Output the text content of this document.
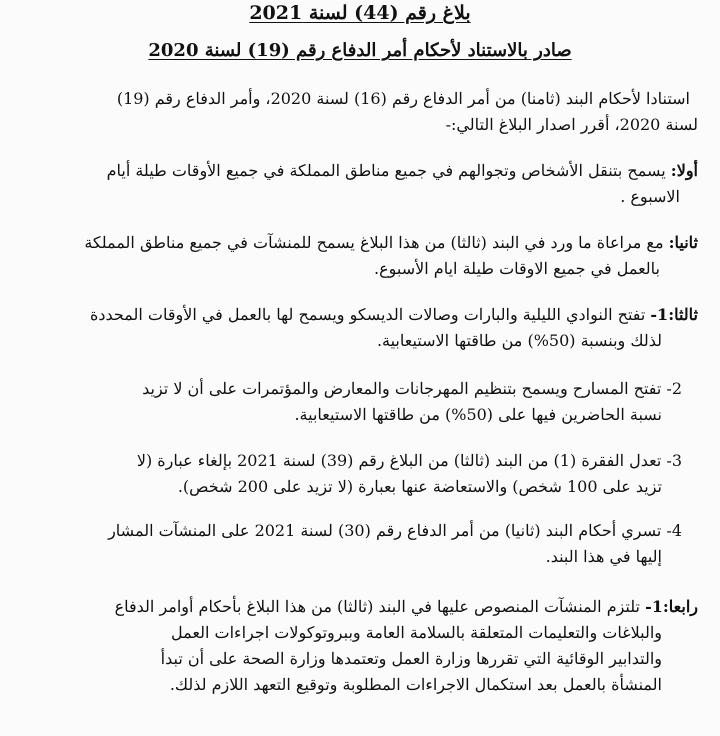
بلاغ رقم (44) لسنة 2021
صادر بالاستناد لأحكام أمر الدفاع رقم (19) لسنة 2020
استنادا لأحكام البند (ثامنا) من أمر الدفاع رقم (16) لسنة 2020، وأمر الدفاع رقم (19)
لسنة 2020، أقرر اصدار البلاغ التالي:-
أولا: يسمح بتنقل الأشخاص وتجوالهم في جميع مناطق المملكة في جميع الأوقات طيلة أيام
الاسبوع .
ثانيا: مع مراعاة ما ورد في البند (ثالثا) من هذا البلاغ يسمح للمنشآت في جميع مناطق المملكة
بالعمل في جميع الاوقات طيلة ايام الأسبوع.
ثالثا:1- تفتح النوادي الليلية والبارات وصالات الديسكو ويسمح لها بالعمل في الأوقات المحددة
لذلك وبنسبة (50%) من طاقتها الاستيعابية.
2- تفتح المسارح ويسمح بتنظيم المهرجانات والمعارض والمؤتمرات على أن لا تزيد
نسبة الحاضرين فيها على (50%) من طاقتها الاستيعابية.
3- تعدل الفقرة (1) من البند (ثالثا) من البلاغ رقم (39) لسنة 2021 بإلغاء عبارة (لا
تزيد على 100 شخص) والاستعاضة عنها بعبارة (لا تزيد على 200 شخص).
4- تسري أحكام البند (ثانيا) من أمر الدفاع رقم (30) لسنة 2021 على المنشآت المشار
إليها في هذا البند.
رابعا:1- تلتزم المنشآت المنصوص عليها في البند (ثالثا) من هذا البلاغ بأحكام أوامر الدفاع
والبلاغات والتعليمات المتعلقة بالسلامة العامة وببروتوكولات اجراءات العمل
والتدابير الوقائية التي تقررها وزارة العمل وتعتمدها وزارة الصحة على أن تبدأ
المنشأة بالعمل بعد استكمال الاجراءات المطلوبة وتوقيع التعهد اللازم لذلك.
